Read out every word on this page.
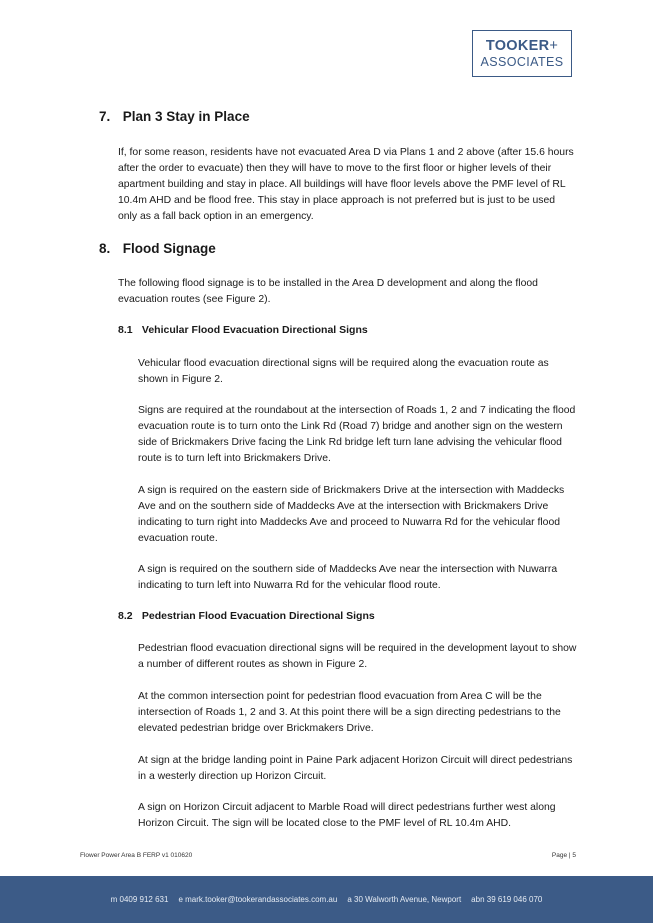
TOOKER+
ASSOCIATES
7. Plan 3 Stay in Place

If, for some reason, residents have not evacuated Area D via Plans 1 and 2 above (after 15.6 hours after the order to evacuate) then they will have to move to the first floor or higher levels of their apartment building and stay in place. All buildings will have floor levels above the PMF level of RL 10.4m AHD and be flood free. This stay in place approach is not preferred but is just to be used only as a fall back option in an emergency.

8. Flood Signage

The following flood signage is to be installed in the Area D development and along the flood evacuation routes (see Figure 2).

8.1 Vehicular Flood Evacuation Directional Signs

Vehicular flood evacuation directional signs will be required along the evacuation route as shown in Figure 2.

Signs are required at the roundabout at the intersection of Roads 1, 2 and 7 indicating the flood evacuation route is to turn onto the Link Rd (Road 7) bridge and another sign on the western side of Brickmakers Drive facing the Link Rd bridge left turn lane advising the vehicular flood route is to turn left into Brickmakers Drive.

A sign is required on the eastern side of Brickmakers Drive at the intersection with Maddecks Ave and on the southern side of Maddecks Ave at the intersection with Brickmakers Drive indicating to turn right into Maddecks Ave and proceed to Nuwarra Rd for the vehicular flood evacuation route.

A sign is required on the southern side of Maddecks Ave near the intersection with Nuwarra indicating to turn left into Nuwarra Rd for the vehicular flood route.

8.2 Pedestrian Flood Evacuation Directional Signs

Pedestrian flood evacuation directional signs will be required in the development layout to show a number of different routes as shown in Figure 2.

At the common intersection point for pedestrian flood evacuation from Area C will be the intersection of Roads 1, 2 and 3. At this point there will be a sign directing pedestrians to the elevated pedestrian bridge over Brickmakers Drive.

At sign at the bridge landing point in Paine Park adjacent Horizon Circuit will direct pedestrians in a westerly direction up Horizon Circuit.

A sign on Horizon Circuit adjacent to Marble Road will direct pedestrians further west along Horizon Circuit. The sign will be located close to the PMF level of RL 10.4m AHD.

Flower Power Area B FERP v1 010620	Page | 5
m 0409 912 631 e mark.tooker@tookerandassociates.com.au a 30 Walworth Avenue, Newport abn 39 619 046 070
